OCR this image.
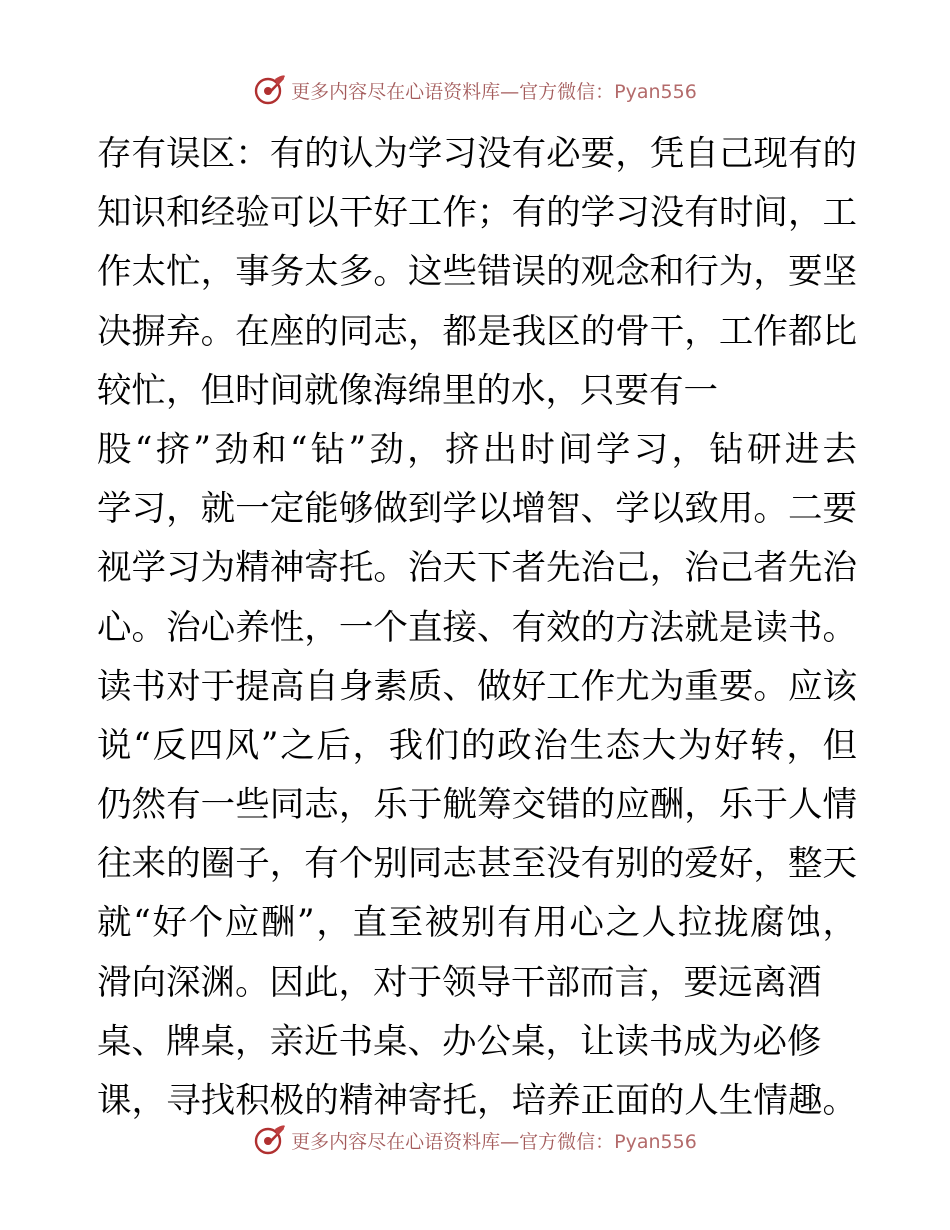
更多内容尽在心语资料库—官方微信：Pyan556
存有误区：有的认为学习没有必要，凭自己现有的
知识和经验可以干好工作；有的学习没有时间，工
作太忙，事务太多。这些错误的观念和行为，要坚
决摒弃。在座的同志，都是我区的骨干，工作都比
较忙，但时间就像海绵里的水，只要有一
股“挤”劲和“钻”劲，挤出时间学习，钻研进去
学习，就一定能够做到学以增智、学以致用。二要
视学习为精神寄托。治天下者先治己，治己者先治
心。治心养性，一个直接、有效的方法就是读书。
读书对于提高自身素质、做好工作尤为重要。应该
说“反四风”之后，我们的政治生态大为好转，但
仍然有一些同志，乐于觥筹交错的应酬，乐于人情
往来的圈子，有个别同志甚至没有别的爱好，整天
就“好个应酬”，直至被别有用心之人拉拢腐蚀，
滑向深渊。因此，对于领导干部而言，要远离酒
桌、牌桌，亲近书桌、办公桌，让读书成为必修
课，寻找积极的精神寄托，培养正面的人生情趣。
更多内容尽在心语资料库—官方微信：Pyan556
